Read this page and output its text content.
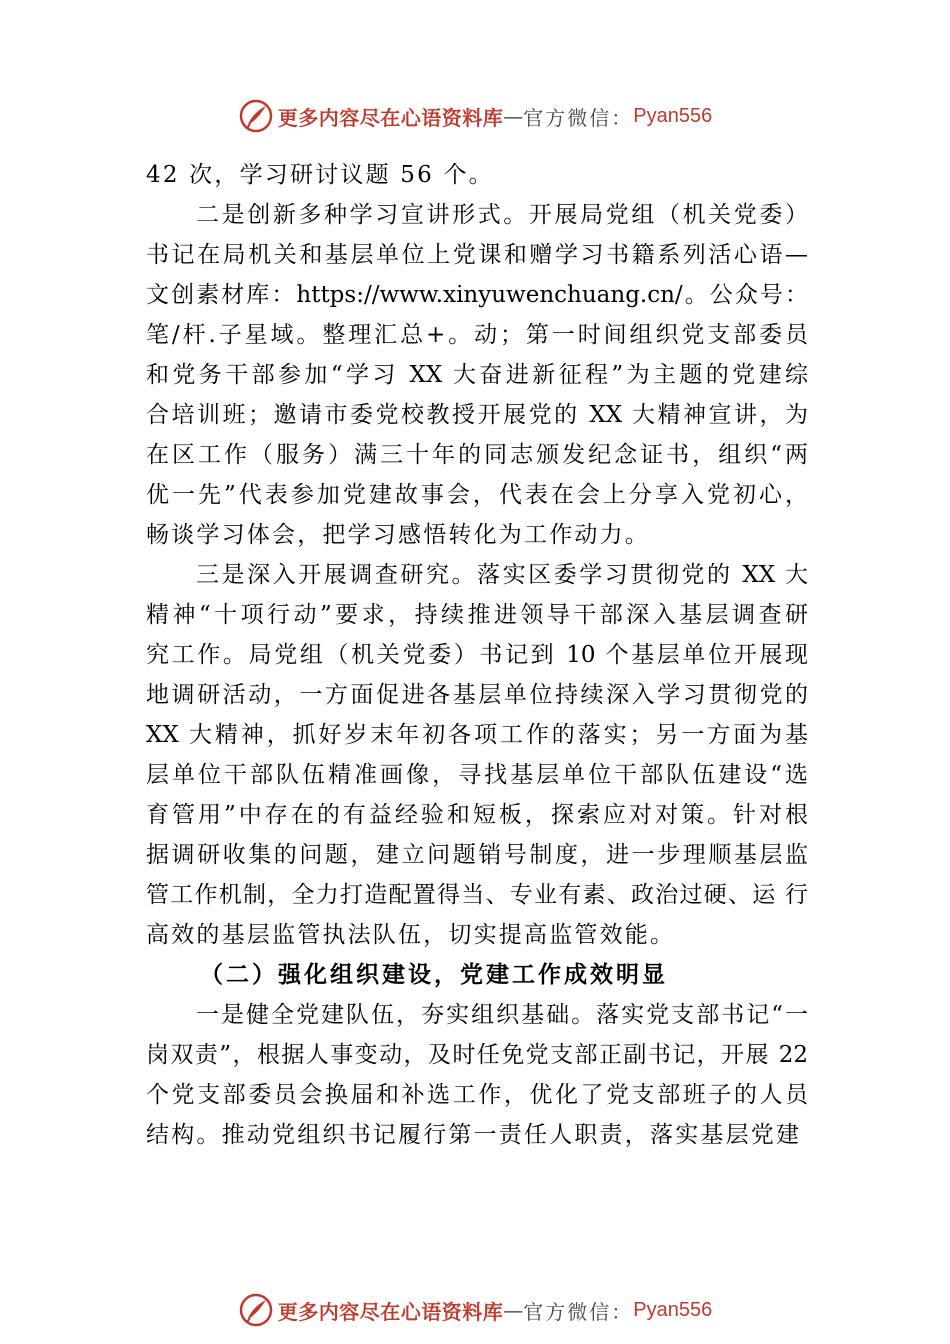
更多内容尽在心语资料库 — 官方微信： Pyan556
42 次，学习研讨议题 56 个。
二是创新多种学习宣讲形式。开展局党组（机关党委）
书记在局机关和基层单位上党课和赠学习书籍系列活心语—
文创素材库：https://www.xinyuwenchuang.cn/。公众号：
笔/杆.子星域。整理汇总+。动；第一时间组织党支部委员
和党务干部参加“学习 XX 大奋进新征程”为主题的党建综
合培训班；邀请市委党校教授开展党的 XX 大精神宣讲，为
在区工作（服务）满三十年的同志颁发纪念证书，组织“两
优一先”代表参加党建故事会，代表在会上分享入党初心，
畅谈学习体会，把学习感悟转化为工作动力。
三是深入开展调查研究。落实区委学习贯彻党的 XX 大
精神“十项行动”要求，持续推进领导干部深入基层调查研
究工作。局党组（机关党委）书记到 10 个基层单位开展现
地调研活动，一方面促进各基层单位持续深入学习贯彻党的
XX 大精神，抓好岁末年初各项工作的落实；另一方面为基
层单位干部队伍精准画像，寻找基层单位干部队伍建设“选
育管用”中存在的有益经验和短板，探索应对对策。针对根
据调研收集的问题，建立问题销号制度，进一步理顺基层监
管工作机制，全力打造配置得当、专业有素、政治过硬、运 行
高效的基层监管执法队伍，切实提高监管效能。
（二）强化组织建设，党建工作成效明显
一是健全党建队伍，夯实组织基础。落实党支部书记“一
岗双责”，根据人事变动，及时任免党支部正副书记，开展 22
个党支部委员会换届和补选工作，优化了党支部班子的人员
结构。推动党组织书记履行第一责任人职责，落实基层党建
更多内容尽在心语资料库 — 官方微信： Pyan556
